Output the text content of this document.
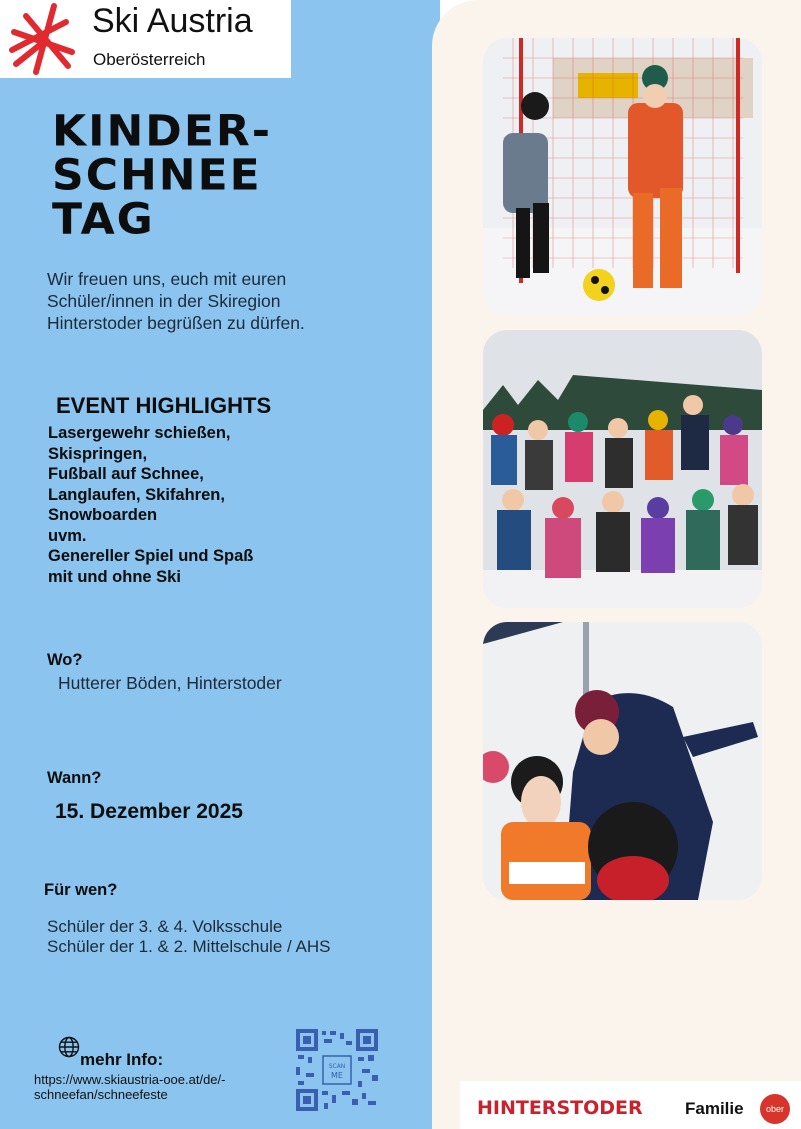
Ski Austria
Oberösterreich
KINDER-
SCHNEE
TAG
Wir freuen uns, euch mit euren Schüler/innen in der Skiregion Hinterstoder begrüßen zu dürfen.
EVENT HIGHLIGHTS
Lasergewehr schießen,
Skispringen,
Fußball auf Schnee,
Langlaufen, Skifahren,
Snowboarden
uvm.
Genereller Spiel und Spaß
mit und ohne Ski
Wo?
Hutterer Böden, Hinterstoder
Wann?
15. Dezember 2025
Für wen?
Schüler der 3. & 4. Volksschule
Schüler der 1. & 2. Mittelschule / AHS
mehr Info:
https://www.skiaustria-ooe.at/de/-schneefan/schneefeste
SCAN
ME
HINTERSTODER Familie	ober
